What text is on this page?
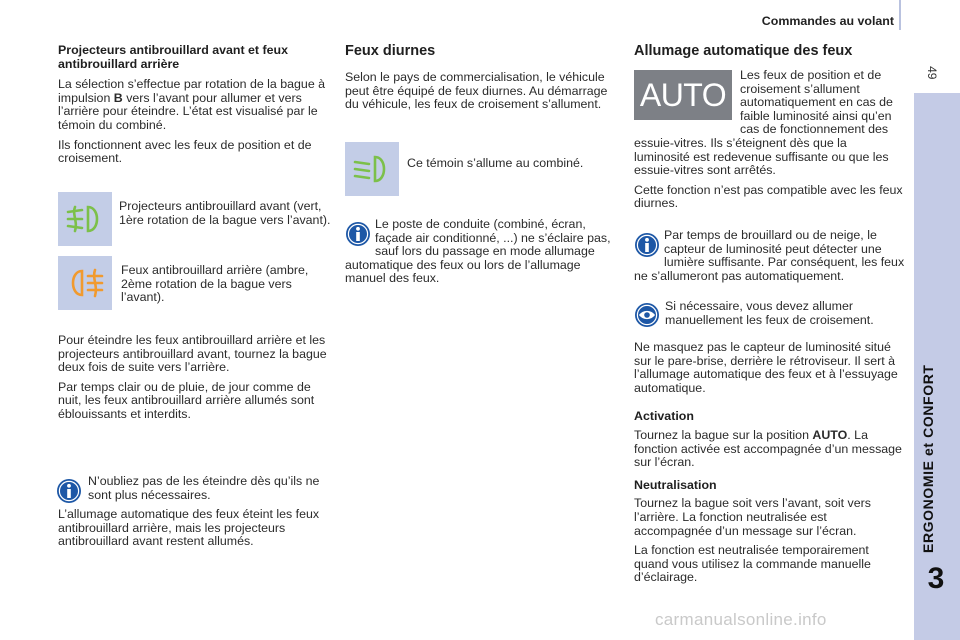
Commandes au volant
49
ERGONOMIE et CONFORT
3

Projecteurs antibrouillard avant et feux antibrouillard arrière

La sélection s’effectue par rotation de la bague à impulsion B vers l’avant pour allumer et vers l’arrière pour éteindre. L’état est visualisé par le témoin du combiné.

Ils fonctionnent avec les feux de position et de croisement.

Projecteurs antibrouillard avant (vert, 1ère rotation de la bague vers l’avant).

Feux antibrouillard arrière (ambre, 2ème rotation de la bague vers l’avant).

Pour éteindre les feux antibrouillard arrière et les projecteurs antibrouillard avant, tournez la bague deux fois de suite vers l’arrière.

Par temps clair ou de pluie, de jour comme de nuit, les feux antibrouillard arrière allumés sont éblouissants et interdits.

N’oubliez pas de les éteindre dès qu’ils ne sont plus nécessaires.

L’allumage automatique des feux éteint les feux antibrouillard arrière, mais les projecteurs antibrouillard avant restent allumés.

Feux diurnes

Selon le pays de commercialisation, le véhicule peut être équipé de feux diurnes. Au démarrage du véhicule, les feux de croisement s’allument.

Ce témoin s’allume au combiné.

Le poste de conduite (combiné, écran, façade air conditionné, ...) ne s’éclaire pas, sauf lors du passage en mode allumage automatique des feux ou lors de l’allumage manuel des feux.

Allumage automatique des feux

AUTO

Les feux de position et de croisement s’allument automatiquement en cas de faible luminosité ainsi qu’en cas de fonctionnement des essuie-vitres. Ils s’éteignent dès que la luminosité est redevenue suffisante ou que les essuie-vitres sont arrêtés.

Cette fonction n’est pas compatible avec les feux diurnes.

Par temps de brouillard ou de neige, le capteur de luminosité peut détecter une lumière suffisante. Par conséquent, les feux ne s’allumeront pas automatiquement.

Si nécessaire, vous devez allumer manuellement les feux de croisement.

Ne masquez pas le capteur de luminosité situé sur le pare-brise, derrière le rétroviseur. Il sert à l’allumage automatique des feux et à l’essuyage automatique.

Activation

Tournez la bague sur la position AUTO. La fonction activée est accompagnée d’un message sur l’écran.

Neutralisation

Tournez la bague soit vers l’avant, soit vers l’arrière. La fonction neutralisée est accompagnée d’un message sur l’écran.

La fonction est neutralisée temporairement quand vous utilisez la commande manuelle d’éclairage.

carmanualsonline.info
